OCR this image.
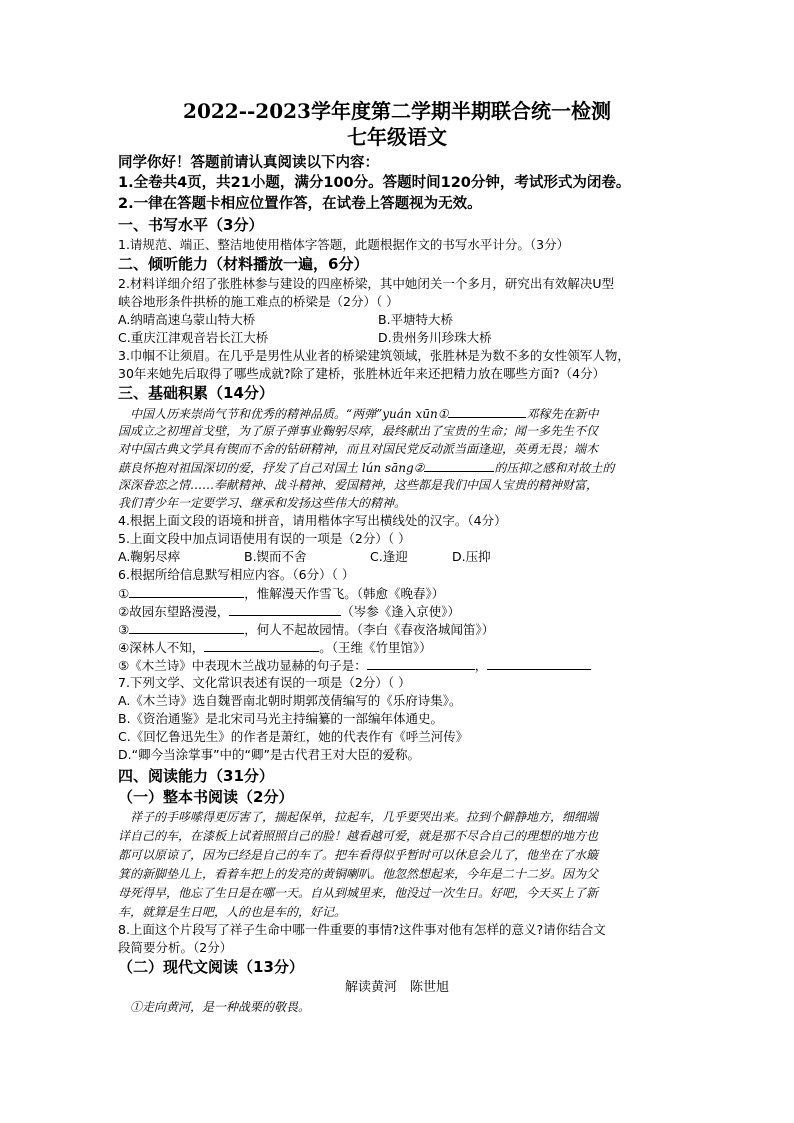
2022--2023学年度第二学期半期联合统一检测
七年级语文
同学你好！答题前请认真阅读以下内容：
1.全卷共4页，共21小题，满分100分。答题时间120分钟，考试形式为闭卷。
2.一律在答题卡相应位置作答，在试卷上答题视为无效。
一、书写水平（3分）
1.请规范、端正、整洁地使用楷体字答题，此题根据作文的书写水平计分。（3分）
二、倾听能力（材料播放一遍，6分）
2.材料详细介绍了张胜林参与建设的四座桥梁，其中她闭关一个多月，研究出有效解决U型
峡谷地形条件拱桥的施工难点的桥梁是（2分）（ ）
A.纳晴高速乌蒙山特大桥	B.平塘特大桥
C.重庆江津观音岩长江大桥	D.贵州务川珍珠大桥
3.巾帼不让须眉。在几乎是男性从业者的桥梁建筑领域，张胜林是为数不多的女性领军人物，
30年来她先后取得了哪些成就?除了建桥，张胜林近年来还把精力放在哪些方面?（4分）
三、基础积累（14分）
中国人历来崇尚气节和优秀的精神品质。“两弹”yuán xūn①	邓稼先在新中
国成立之初埋首戈壁，为了原子弹事业鞠躬尽瘁，最终献出了宝贵的生命；闻一多先生不仅
对中国古典文学具有锲而不舍的钻研精神，而且对国民党反动派当面逢迎，英勇无畏；端木
蕻良怀抱对祖国深切的爱，抒发了自己对国土 lún sāng②	的压抑之感和对故土的
深深眷恋之情……奉献精神、战斗精神、爱国精神，这些都是我们中国人宝贵的精神财富，
我们青少年一定要学习、继承和发扬这些伟大的精神。
4.根据上面文段的语境和拼音，请用楷体字写出横线处的汉字。（4分）
5.上面文段中加点词语使用有误的一项是（2分）（ ）
A.鞠躬尽瘁	B.锲而不舍	C.逢迎	D.压抑
6.根据所给信息默写相应内容。（6分）（ ）
①	，惟解漫天作雪飞。（韩愈《晚春》）
②故园东望路漫漫，	（岑参《逢入京使》）
③	，何人不起故园情。（李白《春夜洛城闻笛》）
④深林人不知，	。（王维《竹里馆》）
⑤《木兰诗》中表现木兰战功显赫的句子是：	，
7.下列文学、文化常识表述有误的一项是（2分）（ ）
A.《木兰诗》选自魏晋南北朝时期郭茂倩编写的《乐府诗集》。
B.《资治通鉴》是北宋司马光主持编纂的一部编年体通史。
C.《回忆鲁迅先生》的作者是萧红，她的代表作有《呼兰河传》
D.“卿今当涂掌事”中的“卿”是古代君王对大臣的爱称。
四、阅读能力（31分）
（一）整本书阅读（2分）
祥子的手哆嗦得更厉害了，揣起保单，拉起车，几乎要哭出来。拉到个僻静地方，细细端
详自己的车，在漆板上试着照照自己的脸！越看越可爱，就是那不尽合自己的理想的地方也
都可以原谅了，因为已经是自己的车了。把车看得似乎暂时可以休息会儿了，他坐在了水簸
箕的新脚垫儿上，看着车把上的发亮的黄铜喇叭。他忽然想起来，今年是二十二岁。因为父
母死得早，他忘了生日是在哪一天。自从到城里来，他没过一次生日。好吧，今天买上了新
车，就算是生日吧，人的也是车的，好记。
8.上面这个片段写了祥子生命中哪一件重要的事情?这件事对他有怎样的意义?请你结合文
段简要分析。（2分）
（二）现代文阅读（13分）
解读黄河　陈世旭
①走向黄河，是一种战栗的敬畏。
